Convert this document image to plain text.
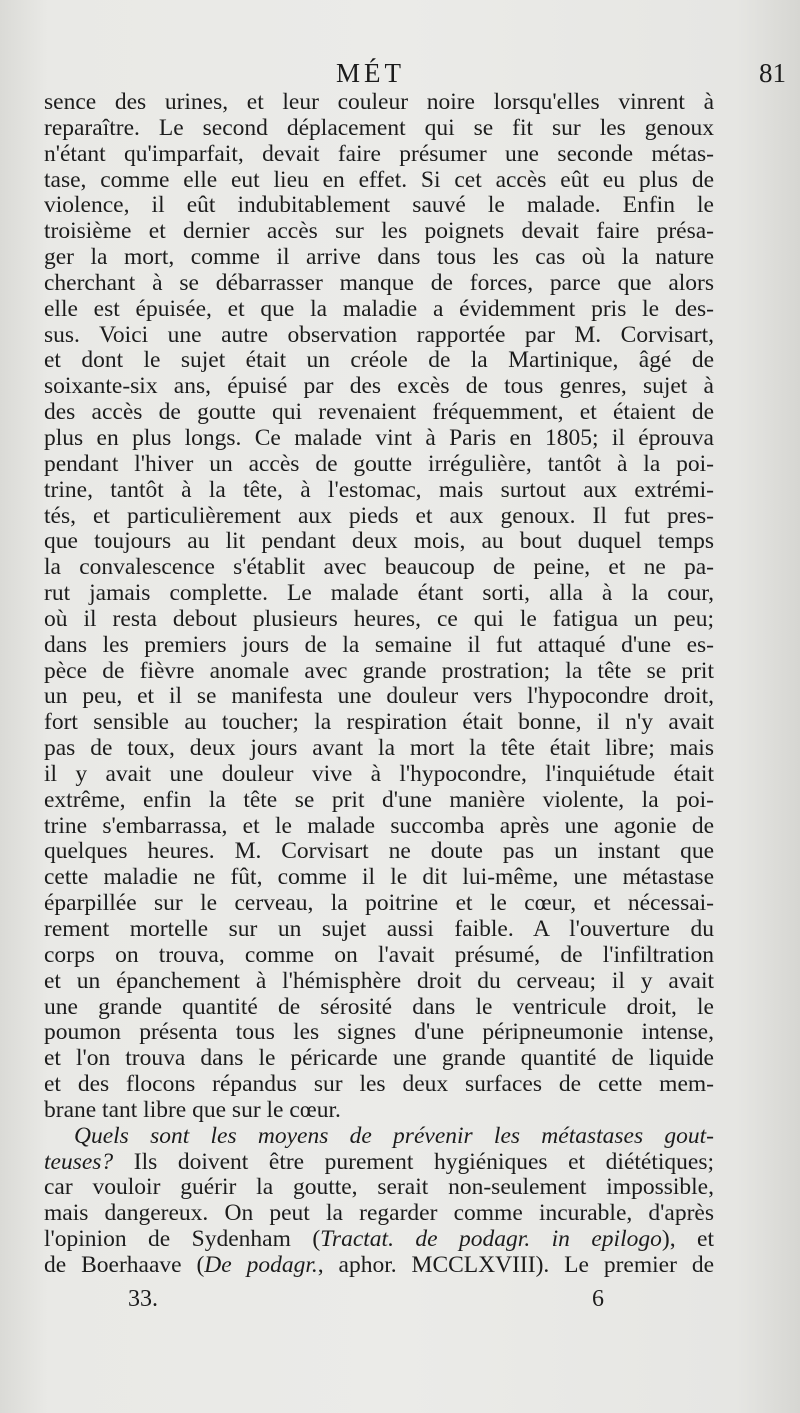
MÉT	81
sence des urines, et leur couleur noire lorsqu'elles vinrent à
reparaître. Le second déplacement qui se fit sur les genoux
n'étant qu'imparfait, devait faire présumer une seconde métas-
tase, comme elle eut lieu en effet. Si cet accès eût eu plus de
violence, il eût indubitablement sauvé le malade. Enfin le
troisième et dernier accès sur les poignets devait faire présa-
ger la mort, comme il arrive dans tous les cas où la nature
cherchant à se débarrasser manque de forces, parce que alors
elle est épuisée, et que la maladie a évidemment pris le des-
sus. Voici une autre observation rapportée par M. Corvisart,
et dont le sujet était un créole de la Martinique, âgé de
soixante-six ans, épuisé par des excès de tous genres, sujet à
des accès de goutte qui revenaient fréquemment, et étaient de
plus en plus longs. Ce malade vint à Paris en 1805; il éprouva
pendant l'hiver un accès de goutte irrégulière, tantôt à la poi-
trine, tantôt à la tête, à l'estomac, mais surtout aux extrémi-
tés, et particulièrement aux pieds et aux genoux. Il fut pres-
que toujours au lit pendant deux mois, au bout duquel temps
la convalescence s'établit avec beaucoup de peine, et ne pa-
rut jamais complette. Le malade étant sorti, alla à la cour,
où il resta debout plusieurs heures, ce qui le fatigua un peu;
dans les premiers jours de la semaine il fut attaqué d'une es-
pèce de fièvre anomale avec grande prostration; la tête se prit
un peu, et il se manifesta une douleur vers l'hypocondre droit,
fort sensible au toucher; la respiration était bonne, il n'y avait
pas de toux, deux jours avant la mort la tête était libre; mais
il y avait une douleur vive à l'hypocondre, l'inquiétude était
extrême, enfin la tête se prit d'une manière violente, la poi-
trine s'embarrassa, et le malade succomba après une agonie de
quelques heures. M. Corvisart ne doute pas un instant que
cette maladie ne fût, comme il le dit lui-même, une métastase
éparpillée sur le cerveau, la poitrine et le cœur, et nécessai-
rement mortelle sur un sujet aussi faible. A l'ouverture du
corps on trouva, comme on l'avait présumé, de l'infiltration
et un épanchement à l'hémisphère droit du cerveau; il y avait
une grande quantité de sérosité dans le ventricule droit, le
poumon présenta tous les signes d'une péripneumonie intense,
et l'on trouva dans le péricarde une grande quantité de liquide
et des flocons répandus sur les deux surfaces de cette mem-
brane tant libre que sur le cœur.
Quels sont les moyens de prévenir les métastases gout-
teuses? Ils doivent être purement hygiéniques et diététiques;
car vouloir guérir la goutte, serait non-seulement impossible,
mais dangereux. On peut la regarder comme incurable, d'après
l'opinion de Sydenham (Tractat. de podagr. in epilogo), et
de Boerhaave (De podagr., aphor. MCCLXVIII). Le premier de
33.	6
